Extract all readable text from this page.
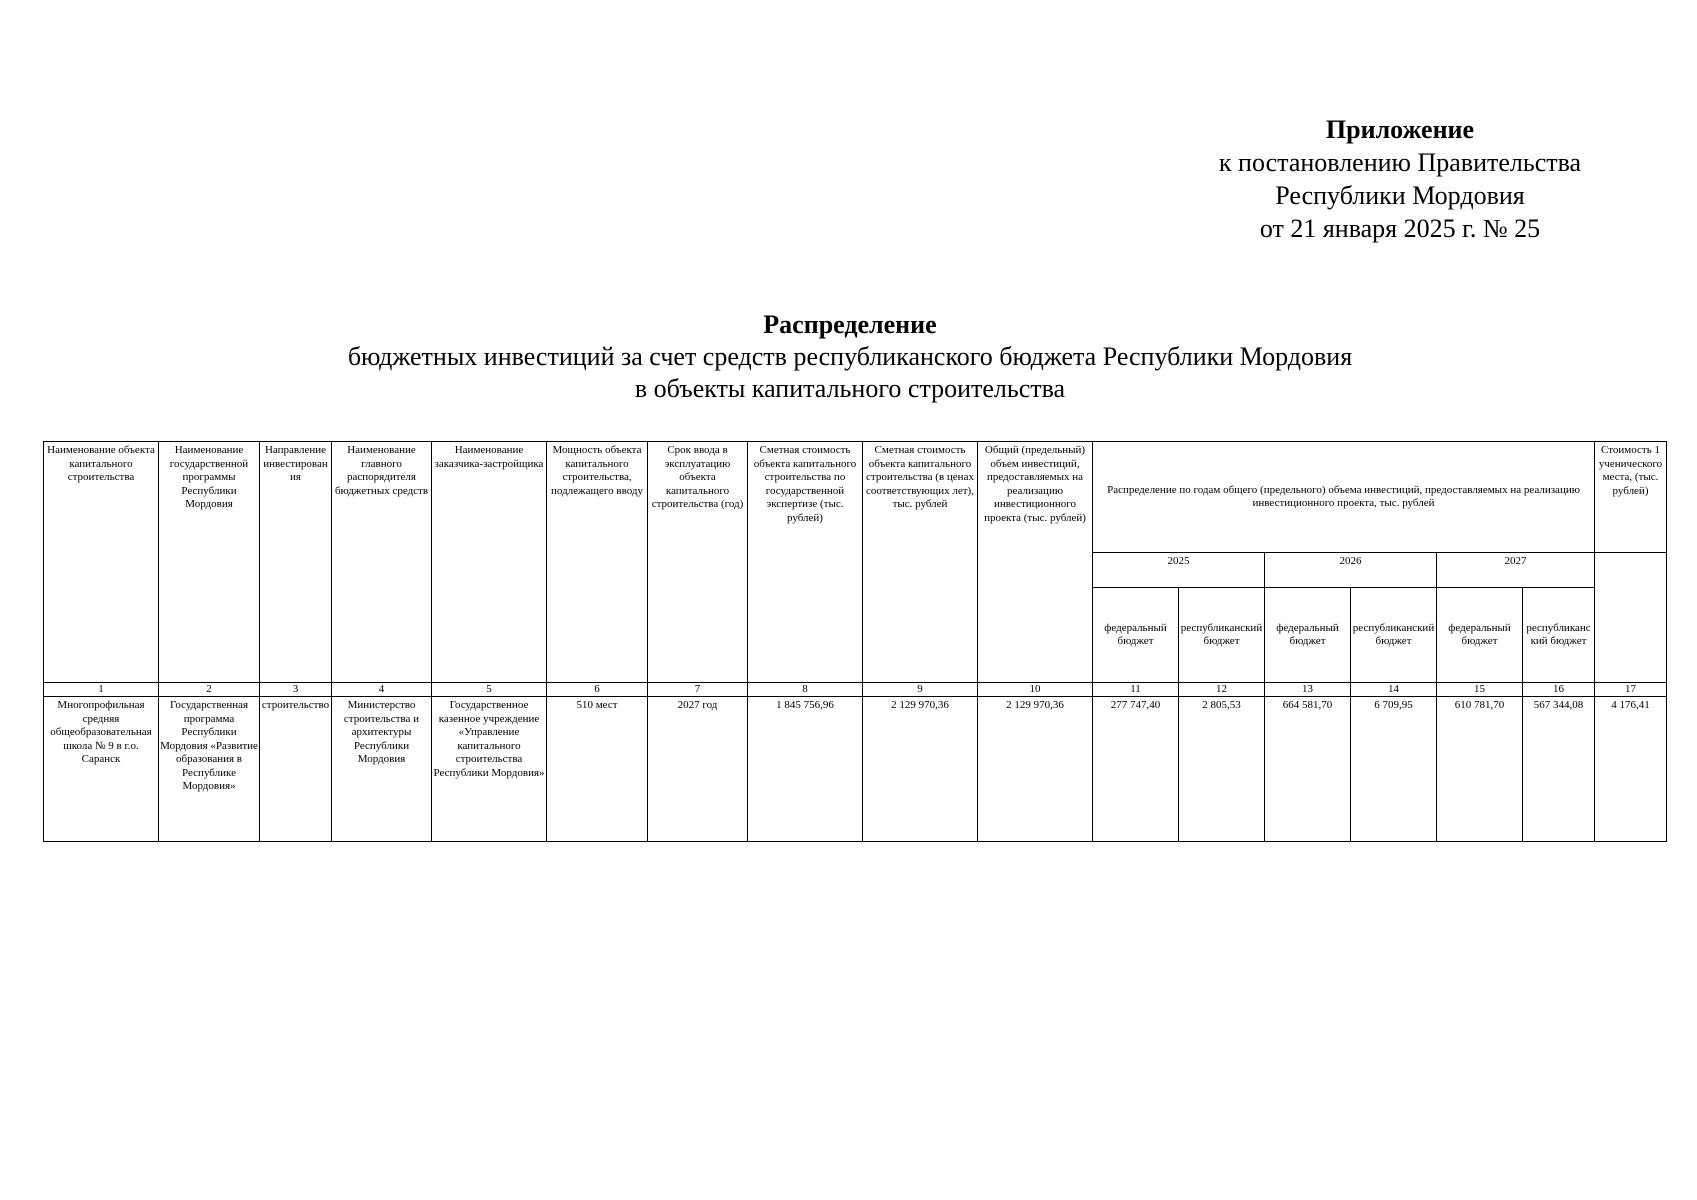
Приложение
к постановлению Правительства
Республики Мордовия
от 21 января 2025 г. № 25
Распределение
бюджетных инвестиций за счет средств республиканского бюджета Республики Мордовия
в объекты капитального строительства
Наименование объекта капитального строительства	Наименование государственной программы Республики Мордовия	Направление инвестирования	Наименование главного распорядителя бюджетных средств	Наименование заказчика-застройщика	Мощность объекта капитального строительства, подлежащего вводу	Срок ввода в эксплуатацию объекта капитального строительства (год)	Сметная стоимость объекта капитального строительства по государственной экспертизе (тыс. рублей)	Сметная стоимость объекта капитального строительства (в ценах соответствующих лет), тыс. рублей	Общий (предельный) объем инвестиций, предоставляемых на реализацию инвестиционного проекта (тыс. рублей)	Распределение по годам общего (предельного) объема инвестиций, предоставляемых на реализацию инвестиционного проекта, тыс. рублей						Стоимость 1 ученического места, (тыс. рублей)
										2025		2026		2027		
										федеральный бюджет	республиканский бюджет	федеральный бюджет	республиканский бюджет	федеральный бюджет	республиканский бюджет	
1	2	3	4	5	6	7	8	9	10	11	12	13	14	15	16	17
Многопрофильная средняя общеобразовательная школа № 9 в г.о. Саранск	Государственная программа Республики Мордовия «Развитие образования в Республике Мордовия»	строительство	Министерство строительства и архитектуры Республики Мордовия	Государственное казенное учреждение «Управление капитального строительства Республики Мордовия»	510 мест	2027 год	1 845 756,96	2 129 970,36	2 129 970,36	277 747,40	2 805,53	664 581,70	6 709,95	610 781,70	567 344,08	4 176,41
